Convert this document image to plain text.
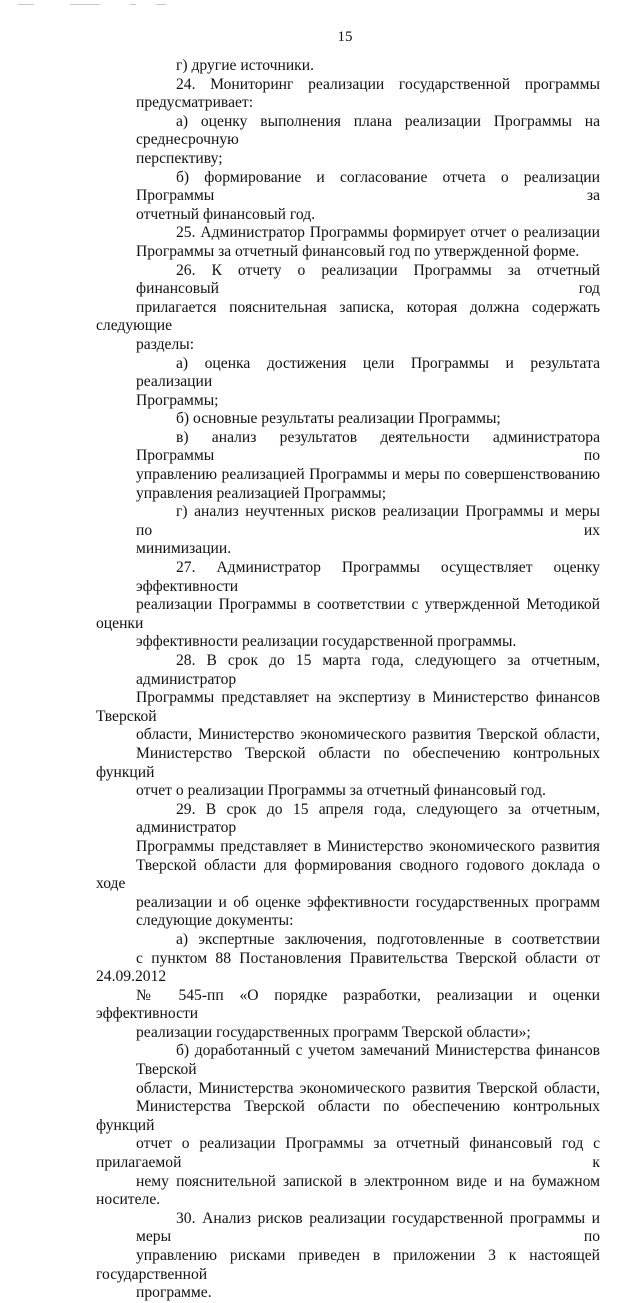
15
г) другие источники.
24. Мониторинг реализации государственной программы
предусматривает:
а) оценку выполнения плана реализации Программы на среднесрочную
перспективу;
б) формирование и согласование отчета о реализации Программы за
отчетный финансовый год.
25. Администратор Программы формирует отчет о реализации
Программы за отчетный финансовый год по утвержденной форме.
26. К отчету о реализации Программы за отчетный финансовый год
прилагается пояснительная записка, которая должна содержать следующие
разделы:
а) оценка достижения цели Программы и результата реализации
Программы;
б) основные результаты реализации Программы;
в) анализ результатов деятельности администратора Программы по
управлению реализацией Программы и меры по совершенствованию
управления реализацией Программы;
г) анализ неучтенных рисков реализации Программы и меры по их
минимизации.
27. Администратор Программы осуществляет оценку эффективности
реализации Программы в соответствии с утвержденной Методикой оценки
эффективности реализации государственной программы.
28. В срок до 15 марта года, следующего за отчетным, администратор
Программы представляет на экспертизу в Министерство финансов Тверской
области, Министерство экономического развития Тверской области,
Министерство Тверской области по обеспечению контрольных функций
отчет о реализации Программы за отчетный финансовый год.
29. В срок до 15 апреля года, следующего за отчетным, администратор
Программы представляет в Министерство экономического развития
Тверской области для формирования сводного годового доклада о ходе
реализации и об оценке эффективности государственных программ
следующие документы:
а) экспертные заключения, подготовленные в соответствии
с пунктом 88 Постановления Правительства Тверской области от 24.09.2012
№ 545-пп «О порядке разработки, реализации и оценки эффективности
реализации государственных программ Тверской области»;
б) доработанный с учетом замечаний Министерства финансов Тверской
области, Министерства экономического развития Тверской области,
Министерства Тверской области по обеспечению контрольных функций
отчет о реализации Программы за отчетный финансовый год с прилагаемой к
нему пояснительной запиской в электронном виде и на бумажном носителе.
30. Анализ рисков реализации государственной программы и меры по
управлению рисками приведен в приложении 3 к настоящей государственной
программе.
